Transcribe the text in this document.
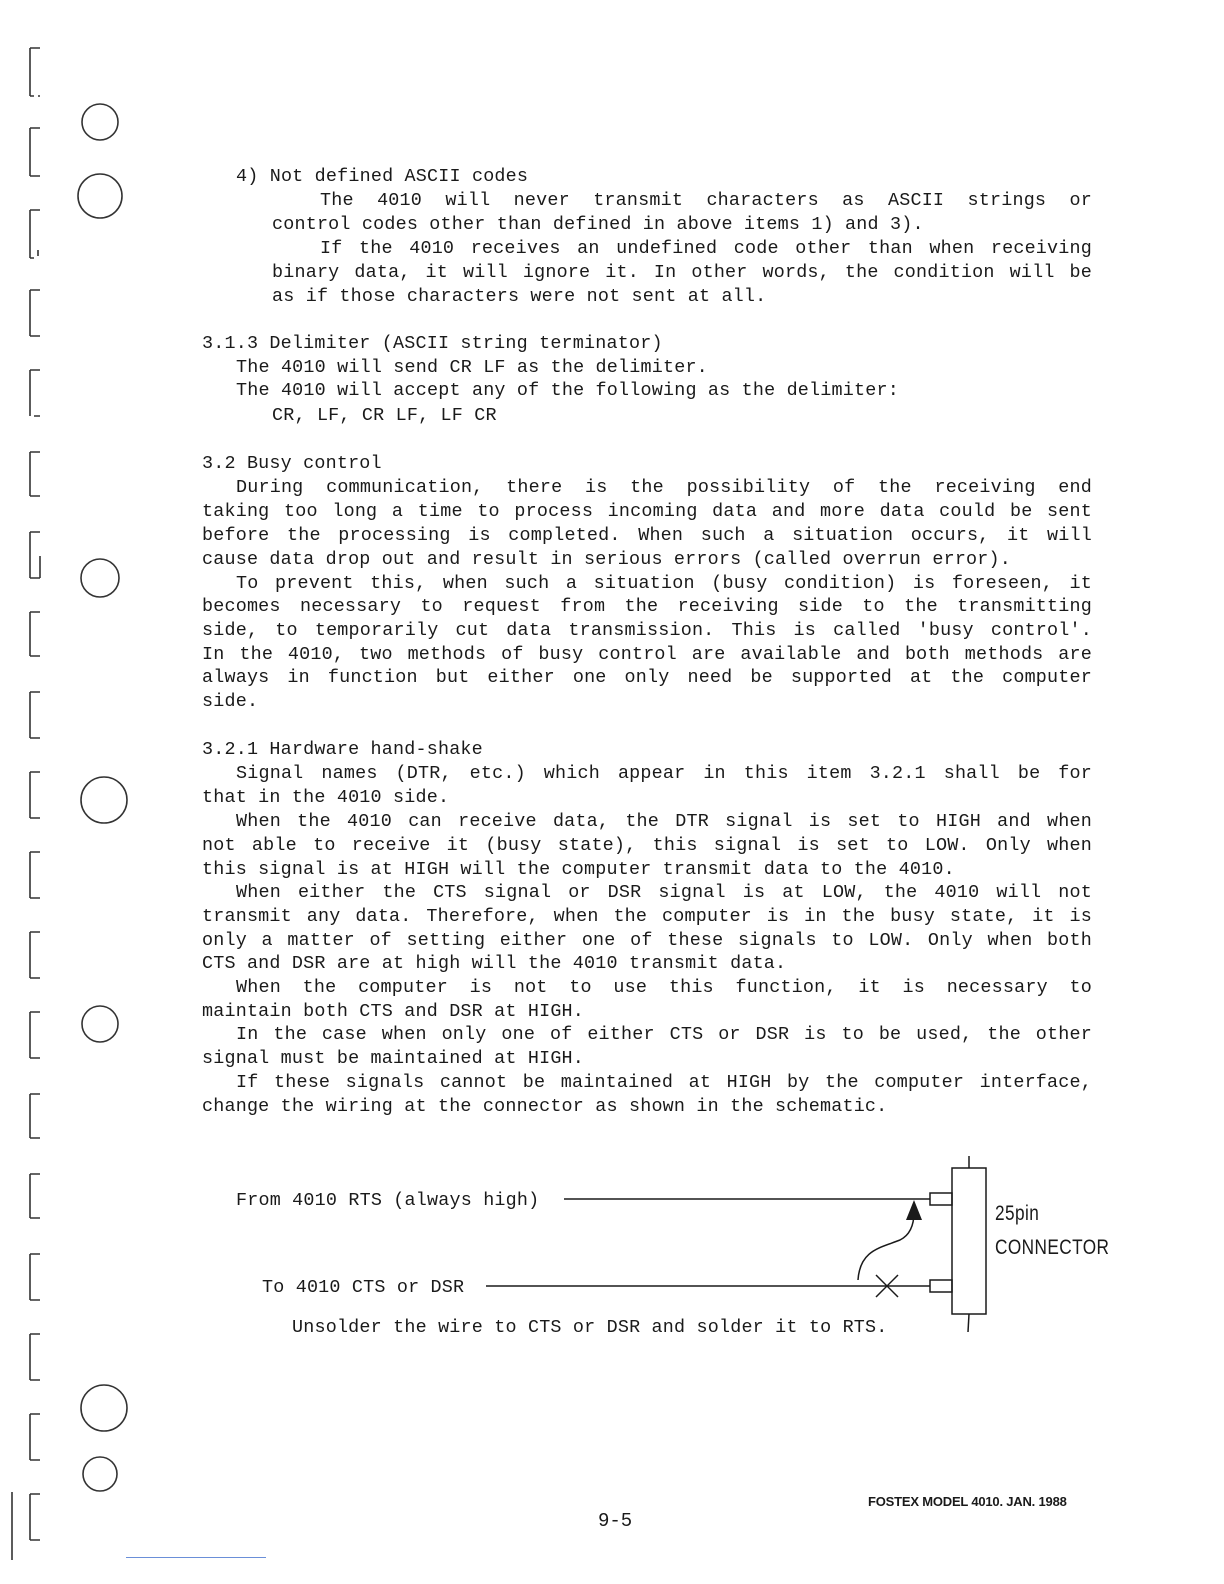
4) Not defined ASCII codes
The 4010 will never transmit characters as ASCII strings or
control codes other than defined in above items 1) and 3).
If the 4010 receives an undefined code other than when receiving
binary data, it will ignore it. In other words, the condition will be
as if those characters were not sent at all.
3.1.3 Delimiter (ASCII string terminator)
The 4010 will send CR LF as the delimiter.
The 4010 will accept any of the following as the delimiter:
CR, LF, CR LF, LF CR
3.2 Busy control
During communication, there is the possibility of the receiving end
taking too long a time to process incoming data and more data could be sent
before the processing is completed. When such a situation occurs, it will
cause data drop out and result in serious errors (called overrun error).
To prevent this, when such a situation (busy condition) is foreseen, it
becomes necessary to request from the receiving side to the transmitting
side, to temporarily cut data transmission. This is called 'busy control'.
In the 4010, two methods of busy control are available and both methods are
always in function but either one only need be supported at the computer
side.
3.2.1 Hardware hand-shake
Signal names (DTR, etc.) which appear in this item 3.2.1 shall be for
that in the 4010 side.
When the 4010 can receive data, the DTR signal is set to HIGH and when
not able to receive it (busy state), this signal is set to LOW. Only when
this signal is at HIGH will the computer transmit data to the 4010.
When either the CTS signal or DSR signal is at LOW, the 4010 will not
transmit any data. Therefore, when the computer is in the busy state, it is
only a matter of setting either one of these signals to LOW. Only when both
CTS and DSR are at high will the 4010 transmit data.
When the computer is not to use this function, it is necessary to
maintain both CTS and DSR at HIGH.
In the case when only one of either CTS or DSR is to be used, the other
signal must be maintained at HIGH.
If these signals cannot be maintained at HIGH by the computer interface,
change the wiring at the connector as shown in the schematic.
From 4010 RTS (always high)
To 4010 CTS or DSR
Unsolder the wire to CTS or DSR and solder it to RTS.
25pin
CONNECTOR
FOSTEX MODEL 4010. JAN. 1988
9-5
